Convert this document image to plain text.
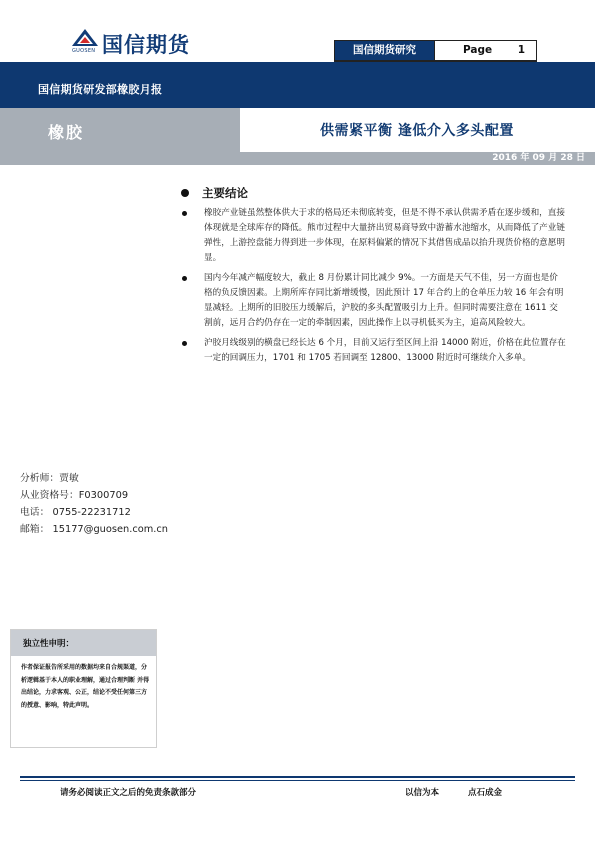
国信期货
GUOSEN	国信期货研究	Page 1
国信期货研发部橡胶月报
橡胶	供需紧平衡 逢低介入多头配置
2016 年 09 月 28 日
主要结论
橡胶产业链虽然整体供大于求的格局还未彻底转变，但是不得不承认供需矛盾在逐步缓和，直接体现就是全球库存的降低。熊市过程中大量挤出贸易商导致中游蓄水池缩水，从而降低了产业链弹性，上游控盘能力得到进一步体现，在原料偏紧的情况下其借售成品以抬升现货价格的意愿明显。
国内今年减产幅度较大，截止 8 月份累计同比减少 9%。一方面是天气不佳，另一方面也是价格的负反馈因素。上期所库存同比新增缓慢，因此预计 17 年合约上的仓单压力较 16 年会有明显减轻。上期所的旧胶压力缓解后，沪胶的多头配置吸引力上升。但同时需要注意在 1611 交割前，远月合约仍存在一定的牵制因素，因此操作上以寻机低买为主，追高风险较大。
沪胶月线级别的横盘已经长达 6 个月，目前又运行至区间上沿 14000 附近，价格在此位置存在一定的回调压力，1701 和 1705 若回调至 12800、13000 附近时可继续介入多单。
分析师：贾敏
从业资格号：F0300709
电话： 0755-22231712
邮箱： 15177@guosen.com.cn
独立性申明：
作者保证报告所采用的数据均来自合规渠道，分析逻辑基于本人的职业理解，通过合理判断 并得出结论，力求客观、公正，结论不受任何第三方的授意、影响，特此声明。
请务必阅读正文之后的免责条款部分	以信为本	点石成金
